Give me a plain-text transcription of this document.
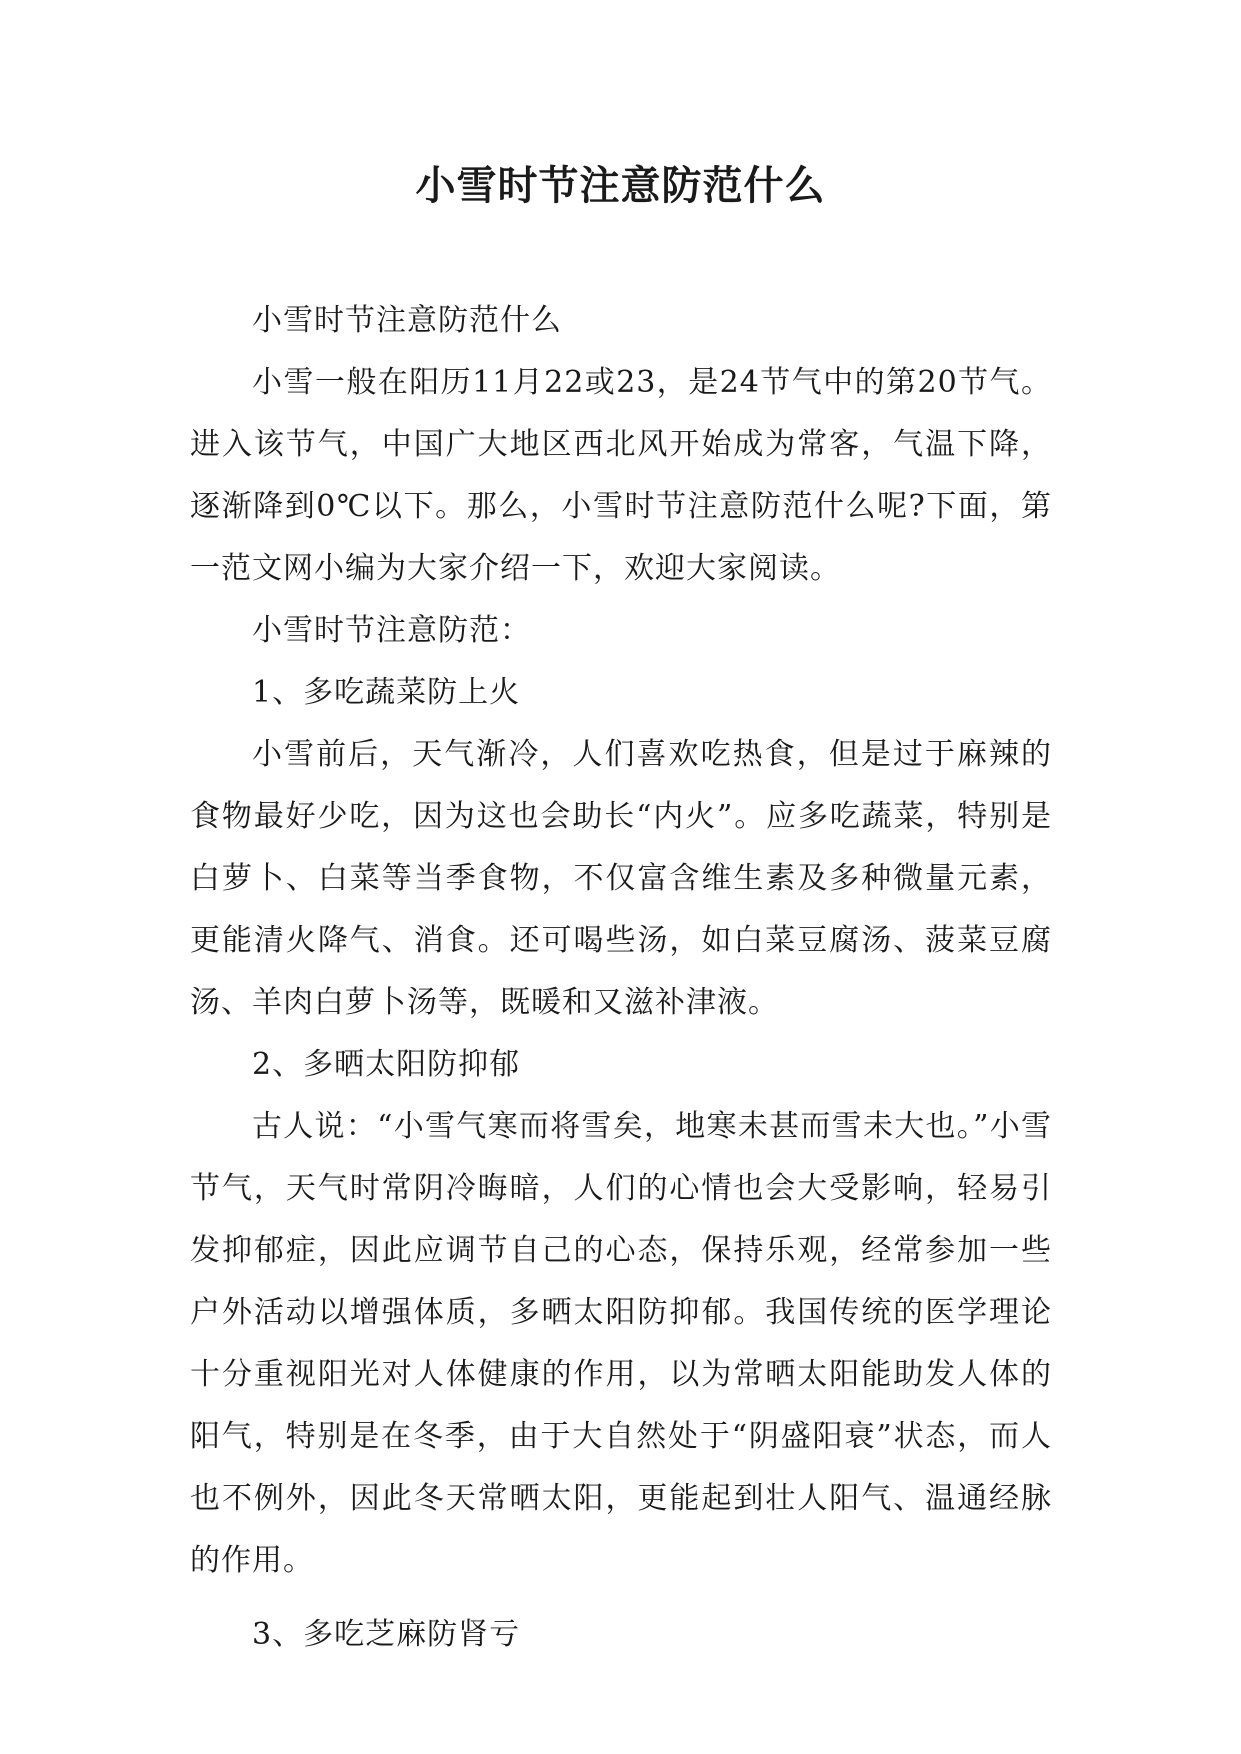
小雪时节注意防范什么

小雪时节注意防范什么

小雪一般在阳历11月22或23，是24节气中的第20节气。进入该节气，中国广大地区西北风开始成为常客，气温下降，逐渐降到0℃以下。那么，小雪时节注意防范什么呢?下面，第一范文网小编为大家介绍一下，欢迎大家阅读。

小雪时节注意防范：

1、多吃蔬菜防上火

小雪前后，天气渐冷，人们喜欢吃热食，但是过于麻辣的食物最好少吃，因为这也会助长“内火”。应多吃蔬菜，特别是白萝卜、白菜等当季食物，不仅富含维生素及多种微量元素，更能清火降气、消食。还可喝些汤，如白菜豆腐汤、菠菜豆腐汤、羊肉白萝卜汤等，既暖和又滋补津液。

2、多晒太阳防抑郁

古人说：“小雪气寒而将雪矣，地寒未甚而雪未大也。”小雪节气，天气时常阴冷晦暗，人们的心情也会大受影响，轻易引发抑郁症，因此应调节自己的心态，保持乐观，经常参加一些户外活动以增强体质，多晒太阳防抑郁。我国传统的医学理论十分重视阳光对人体健康的作用，以为常晒太阳能助发人体的阳气，特别是在冬季，由于大自然处于“阴盛阳衰”状态，而人也不例外，因此冬天常晒太阳，更能起到壮人阳气、温通经脉的作用。

3、多吃芝麻防肾亏
